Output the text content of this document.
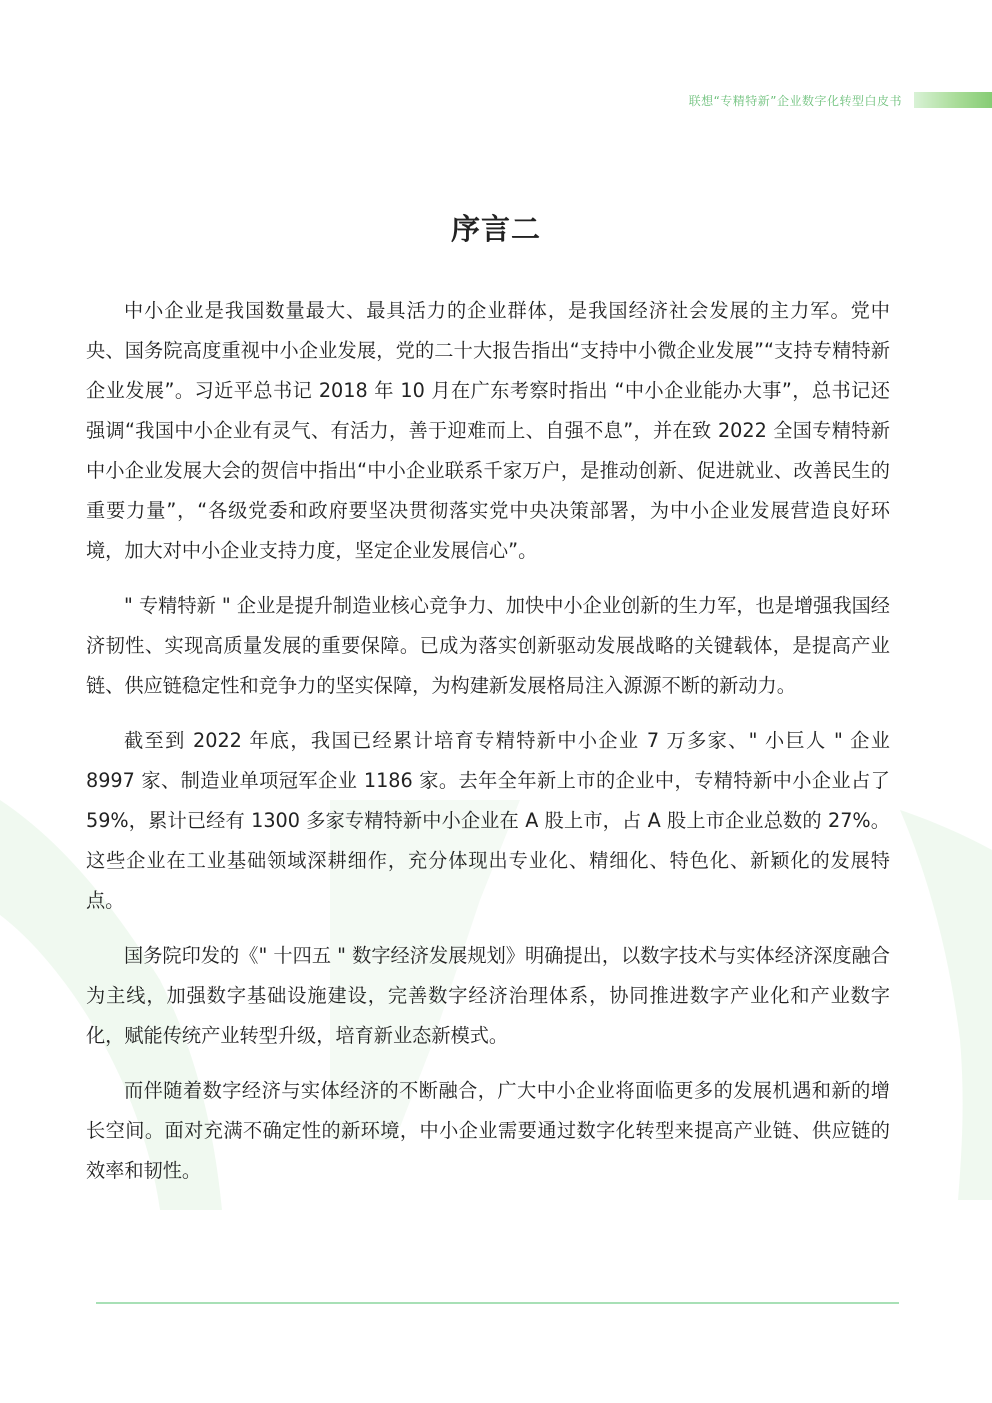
联想“专精特新”企业数字化转型白皮书
序言二

中小企业是我国数量最大、最具活力的企业群体，是我国经济社会发展的主力军。党中央、国务院高度重视中小企业发展，党的二十大报告指出“支持中小微企业发展”“支持专精特新企业发展”。习近平总书记 2018 年 10 月在广东考察时指出 “中小企业能办大事”，总书记还强调“我国中小企业有灵气、有活力，善于迎难而上、自强不息”，并在致 2022 全国专精特新中小企业发展大会的贺信中指出“中小企业联系千家万户，是推动创新、促进就业、改善民生的重要力量”，“各级党委和政府要坚决贯彻落实党中央决策部署，为中小企业发展营造良好环境，加大对中小企业支持力度，坚定企业发展信心”。

" 专精特新 " 企业是提升制造业核心竞争力、加快中小企业创新的生力军，也是增强我国经济韧性、实现高质量发展的重要保障。已成为落实创新驱动发展战略的关键载体，是提高产业链、供应链稳定性和竞争力的坚实保障，为构建新发展格局注入源源不断的新动力。

截至到 2022 年底，我国已经累计培育专精特新中小企业 7 万多家、" 小巨人 " 企业 8997 家、制造业单项冠军企业 1186 家。去年全年新上市的企业中，专精特新中小企业占了 59%，累计已经有 1300 多家专精特新中小企业在 A 股上市，占 A 股上市企业总数的 27%。这些企业在工业基础领域深耕细作，充分体现出专业化、精细化、特色化、新颖化的发展特点。

国务院印发的《" 十四五 " 数字经济发展规划》明确提出，以数字技术与实体经济深度融合为主线，加强数字基础设施建设，完善数字经济治理体系，协同推进数字产业化和产业数字化，赋能传统产业转型升级，培育新业态新模式。

而伴随着数字经济与实体经济的不断融合，广大中小企业将面临更多的发展机遇和新的增长空间。面对充满不确定性的新环境，中小企业需要通过数字化转型来提高产业链、供应链的效率和韧性。
